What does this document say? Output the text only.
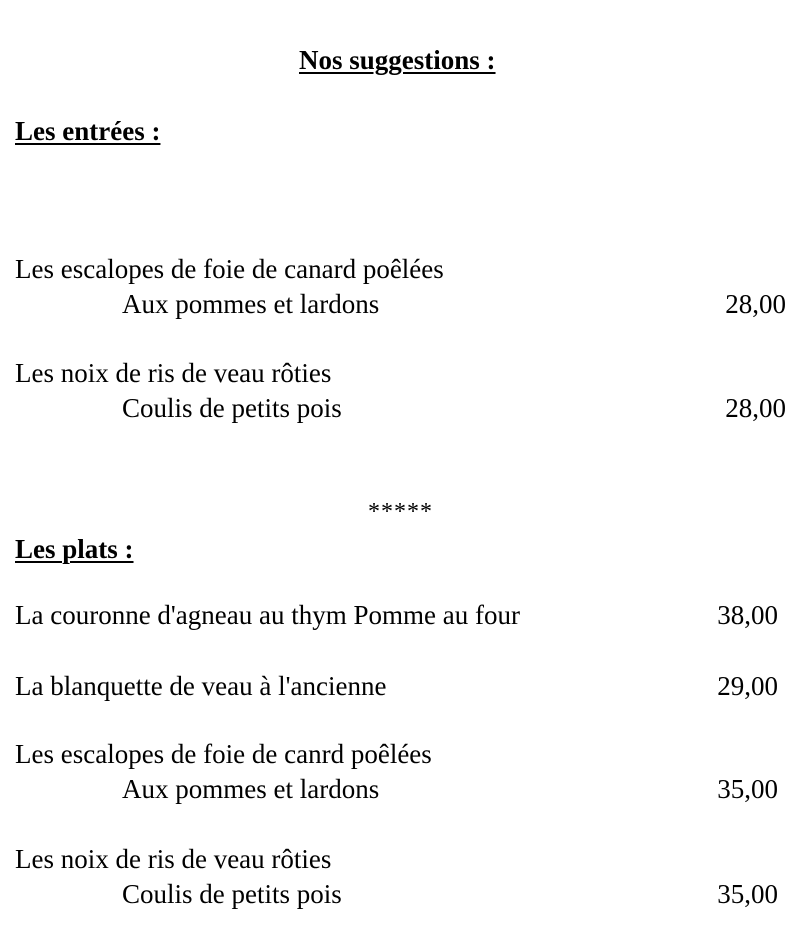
Nos suggestions :
Les entrées :
Les escalopes de foie de canard poêlées
Aux pommes et lardons	28,00
Les noix de ris de veau rôties
Coulis de petits pois	28,00
*****
Les plats :
La couronne d'agneau au thym Pomme au four	38,00
La blanquette de veau à l'ancienne	29,00
Les escalopes de foie de canrd poêlées
Aux pommes et lardons	35,00
Les noix de ris de veau rôties
Coulis de petits pois	35,00
